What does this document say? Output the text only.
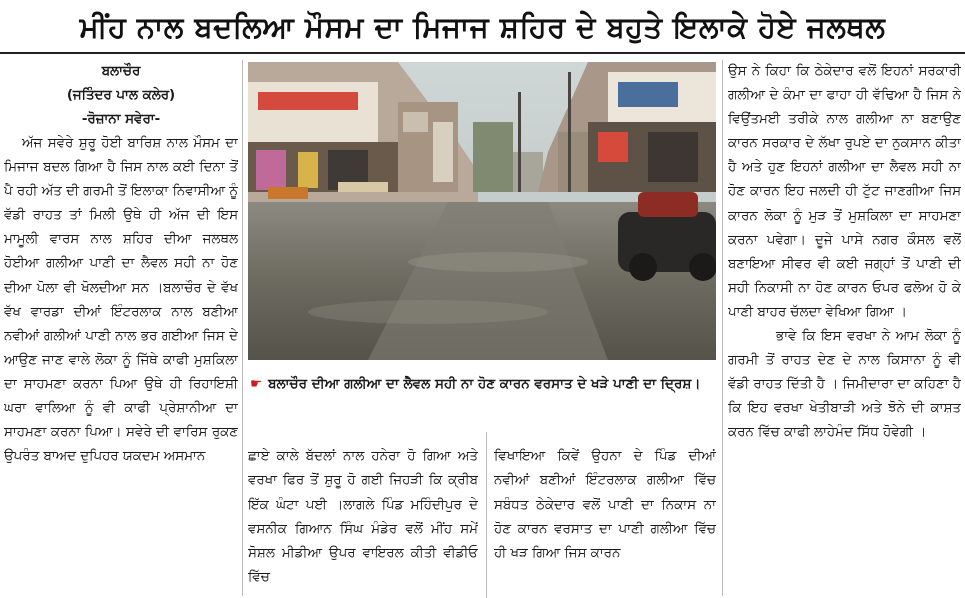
ਮੀਂਹ ਨਾਲ ਬਦਲਿਆ ਮੌਸਮ ਦਾ ਮਿਜਾਜ ਸ਼ਹਿਰ ਦੇ ਬਹੁਤੇ ਇਲਾਕੇ ਹੋਏ ਜਲਥਲ
ਬਲਾਚੌਰ
(ਜਤਿੰਦਰ ਪਾਲ ਕਲੇਰ)
-ਰੋਜ਼ਾਨਾ ਸਵੇਰਾ-

ਅੱਜ ਸਵੇਰੇ ਸ਼ੁਰੂ ਹੋਈ ਬਾਰਿਸ਼ ਨਾਲ ਮੌਸਮ ਦਾ ਮਿਜਾਜ ਬਦਲ ਗਿਆ ਹੈ ਜਿਸ ਨਾਲ ਕਈ ਦਿਨਾ ਤੋਂ ਪੈ ਰਹੀ ਅੱਤ ਦੀ ਗਰਮੀ ਤੋਂ ਇਲਾਕਾ ਨਿਵਾਸੀਆ ਨੂੰ ਵੱਡੀ ਰਾਹਤ ਤਾਂ ਮਿਲੀ ਉਥੇ ਹੀ ਅੱਜ ਦੀ ਇਸ ਮਾਮੂਲੀ ਵਾਰਸ ਨਾਲ ਸ਼ਹਿਰ ਦੀਆ ਜਲਥਲ ਹੋਈਆ ਗਲੀਆ ਪਾਣੀ ਦਾ ਲੈਵਲ ਸਹੀ ਨਾ ਹੋਣ ਦੀਆ ਪੋਲਾ ਵੀ ਖੋਲਦੀਆ ਸਨ ।ਬਲਾਚੌਰ ਦੇ ਵੱਖ ਵੱਖ ਵਾਰਡਾ ਦੀਆਂ ਇੰਟਰਲਾਕ ਨਾਲ ਬਣੀਆ ਨਵੀਆਂ ਗਲੀਆਂ ਪਾਣੀ ਨਾਲ ਭਰ ਗਈਆ ਜਿਸ ਦੇ ਆਉਣ ਜਾਣ ਵਾਲੇ ਲੋਕਾ ਨੂੰ ਜਿੱਥੇ ਕਾਫੀ ਮੁਸ਼ਕਿਲਾ ਦਾ ਸਾਹਮਣਾ ਕਰਨਾ ਪਿਆ ਉਥੇ ਹੀ ਰਿਹਾਇਸ਼ੀ ਘਰਾ ਵਾਲਿਆ ਨੂੰ ਵੀ ਕਾਫੀ ਪ੍ਰੇਸ਼ਾਨੀਆ ਦਾ ਸਾਹਮਣਾ ਕਰਨਾ ਪਿਆ। ਸਵੇਰੇ ਦੀ ਵਾਰਿਸ ਰੁਕਣ ਉਪਰੰਤ ਬਾਅਦ ਦੁਪਿਹਰ ਯਕਦਮ ਅਸਮਾਨ

☛ ਬਲਾਚੌਰ ਦੀਆ ਗਲੀਆ ਦਾ ਲੈਵਲ ਸਹੀ ਨਾ ਹੋਣ ਕਾਰਨ ਵਰਸਾਤ ਦੇ ਖੜੇ ਪਾਣੀ ਦਾ ਦ੍ਰਿਸ਼।

ਛਾਏ ਕਾਲੇ ਬੱਦਲਾਂ ਨਾਲ ਹਨੇਰਾ ਹੋ ਗਿਆ ਅਤੇ ਵਰਖਾ ਫਿਰ ਤੋਂ ਸ਼ੁਰੂ ਹੋ ਗਈ ਜਿਹੜੀ ਕਿ ਕ੍ਰੀਬ ਇੱਕ ਘੰਟਾ ਪਈ ।ਲਾਗਲੇ ਪਿੰਡ ਮਹਿੰਦੀਪੁਰ ਦੇ ਵਸਨੀਕ ਗਿਆਨ ਸਿੰਘ ਮੰਡੇਰ ਵਲੋਂ ਮੀਂਹ ਸਮੇਂ ਸੋਸ਼ਲ ਮੀਡੀਆ ਉਪਰ ਵਾਇਰਲ ਕੀਤੀ ਵੀਡੀਓ ਵਿੱਚ

ਵਿਖਾਇਆ ਕਿਵੇਂ ਉਹਨਾ ਦੇ ਪਿੰਡ ਦੀਆਂ ਨਵੀਆਂ ਬਣੀਆਂ ਇੰਟਰਲਾਕ ਗਲੀਆ ਵਿੱਚ ਸਬੰਧਤ ਠੇਕੇਦਾਰ ਵਲੋਂ ਪਾਣੀ ਦਾ ਨਿਕਾਸ ਨਾ ਹੋਣ ਕਾਰਨ ਵਰਸਾਤ ਦਾ ਪਾਣੀ ਗਲੀਆ ਵਿੱਚ ਹੀ ਖੜ ਗਿਆ ਜਿਸ ਕਾਰਨ

ਉਸ ਨੇ ਕਿਹਾ ਕਿ ਠੇਕੇਦਾਰ ਵਲੋਂ ਇਹਨਾਂ ਸਰਕਾਰੀ ਗਲੀਆ ਦੇ ਕੰਮਾ ਦਾ ਫਾਹਾ ਹੀ ਵੱਢਿਆ ਹੈ ਜਿਸ ਨੇ ਵਿਉਂਤਮਈ ਤਰੀਕੇ ਨਾਲ ਗਲੀਆ ਨਾ ਬਣਾਉਣ ਕਾਰਨ ਸਰਕਾਰ ਦੇ ਲੱਖਾ ਰੁਪਏ ਦਾ ਨੁਕਸਾਨ ਕੀਤਾ ਹੈ ਅਤੇ ਹੁਣ ਇਹਨਾਂ ਗਲੀਆ ਦਾ ਲੈਵਲ ਸਹੀ ਨਾ ਹੋਣ ਕਾਰਨ ਇਹ ਜਲਦੀ ਹੀ ਟੁੱਟ ਜਾਣਗੀਆ ਜਿਸ ਕਾਰਨ ਲੋਕਾ ਨੂੰ ਮੁੜ ਤੋਂ ਮੁਸ਼ਕਿਲਾ ਦਾ ਸਾਹਮਣਾ ਕਰਨਾ ਪਵੇਗਾ। ਦੂਜੇ ਪਾਸੇ ਨਗਰ ਕੌਸਲ ਵਲੋਂ ਬਣਾਇਆ ਸੀਵਰ ਵੀ ਕਈ ਜਗ੍ਹਾਂ ਤੋਂ ਪਾਣੀ ਦੀ ਸਹੀ ਨਿਕਾਸੀ ਨਾ ਹੋਣ ਕਾਰਨ ਓਪਰ ਫਲੋਅ ਹੋ ਕੇ ਪਾਣੀ ਬਾਹਰ ਚੱਲਦਾ ਵੇਖਿਆ ਗਿਆ ।

ਭਾਵੇ ਕਿ ਇਸ ਵਰਖਾ ਨੇ ਆਮ ਲੋਕਾ ਨੂੰ ਗਰਮੀ ਤੋਂ ਰਾਹਤ ਦੇਣ ਦੇ ਨਾਲ ਕਿਸਾਨਾ ਨੂੰ ਵੀ ਵੱਡੀ ਰਾਹਤ ਦਿੱਤੀ ਹੈ । ਜਿਮੀਦਾਰਾ ਦਾ ਕਹਿਣਾ ਹੈ ਕਿ ਇਹ ਵਰਖਾ ਖੇਤੀਬਾੜੀ ਅਤੇ ਝੋਨੇ ਦੀ ਕਾਸ਼ਤ ਕਰਨ ਵਿੱਚ ਕਾਫੀ ਲਾਹੇਮੰਦ ਸਿੱਧ ਹੋਵੇਗੀ ।
